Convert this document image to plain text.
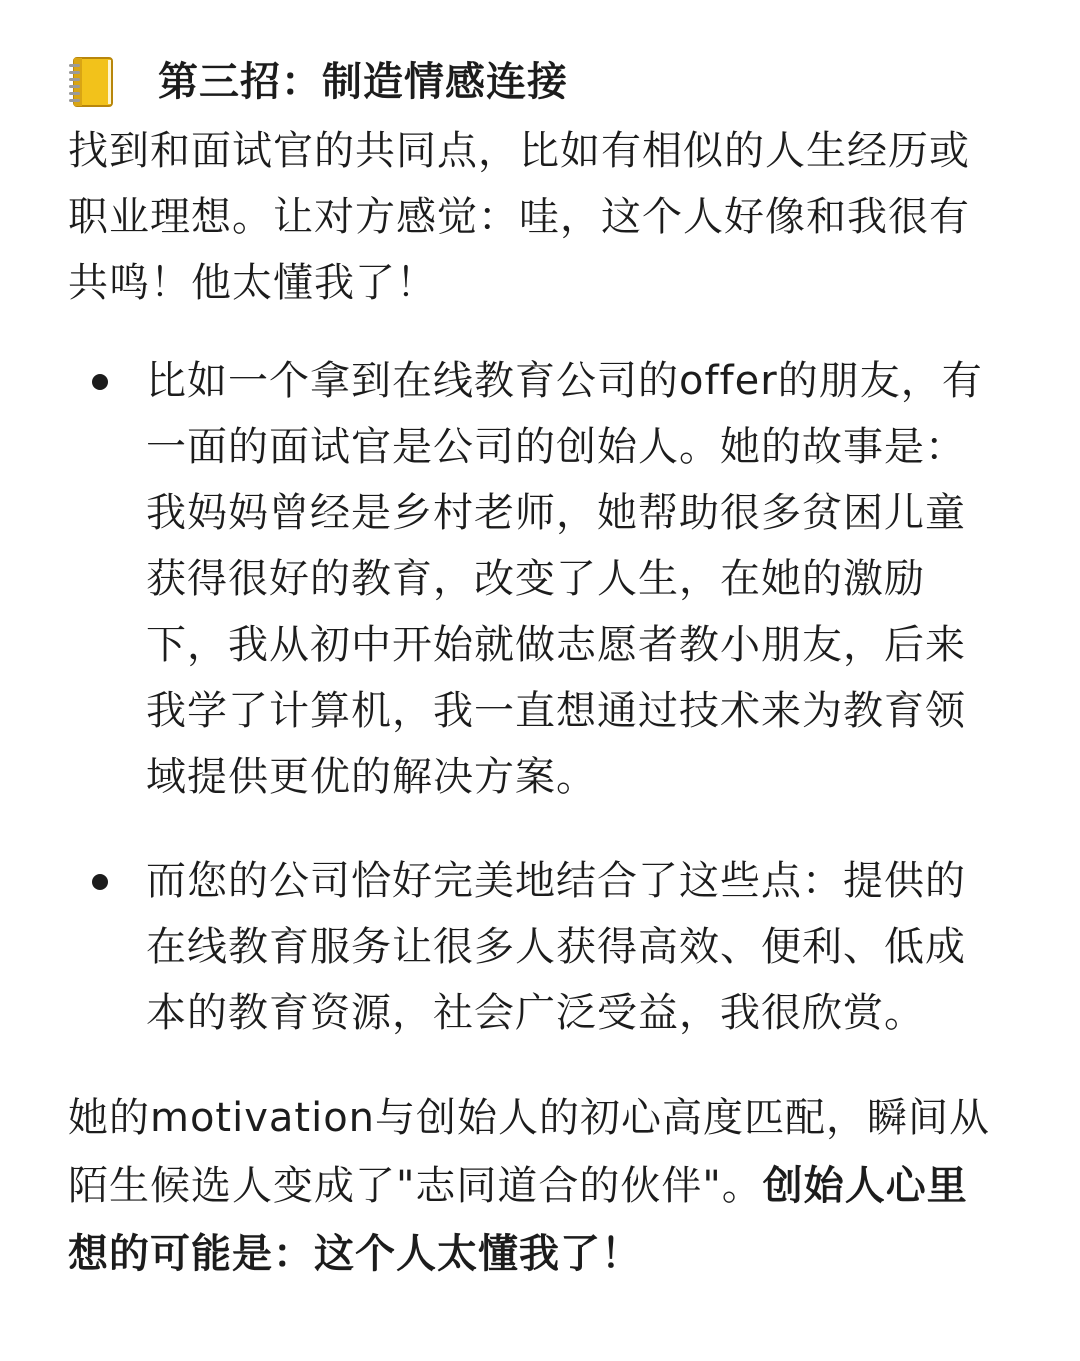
第三招：制造情感连接

找到和面试官的共同点，比如有相似的人生经历或职业理想。让对方感觉：哇，这个人好像和我很有共鸣！他太懂我了！

比如一个拿到在线教育公司的offer的朋友，有一面的面试官是公司的创始人。她的故事是：我妈妈曾经是乡村老师，她帮助很多贫困儿童获得很好的教育，改变了人生，在她的激励下，我从初中开始就做志愿者教小朋友，后来我学了计算机，我一直想通过技术来为教育领域提供更优的解决方案。
而您的公司恰好完美地结合了这些点：提供的在线教育服务让很多人获得高效、便利、低成本的教育资源，社会广泛受益，我很欣赏。

她的motivation与创始人的初心高度匹配，瞬间从陌生候选人变成了"志同道合的伙伴"。创始人心里想的可能是：这个人太懂我了！
